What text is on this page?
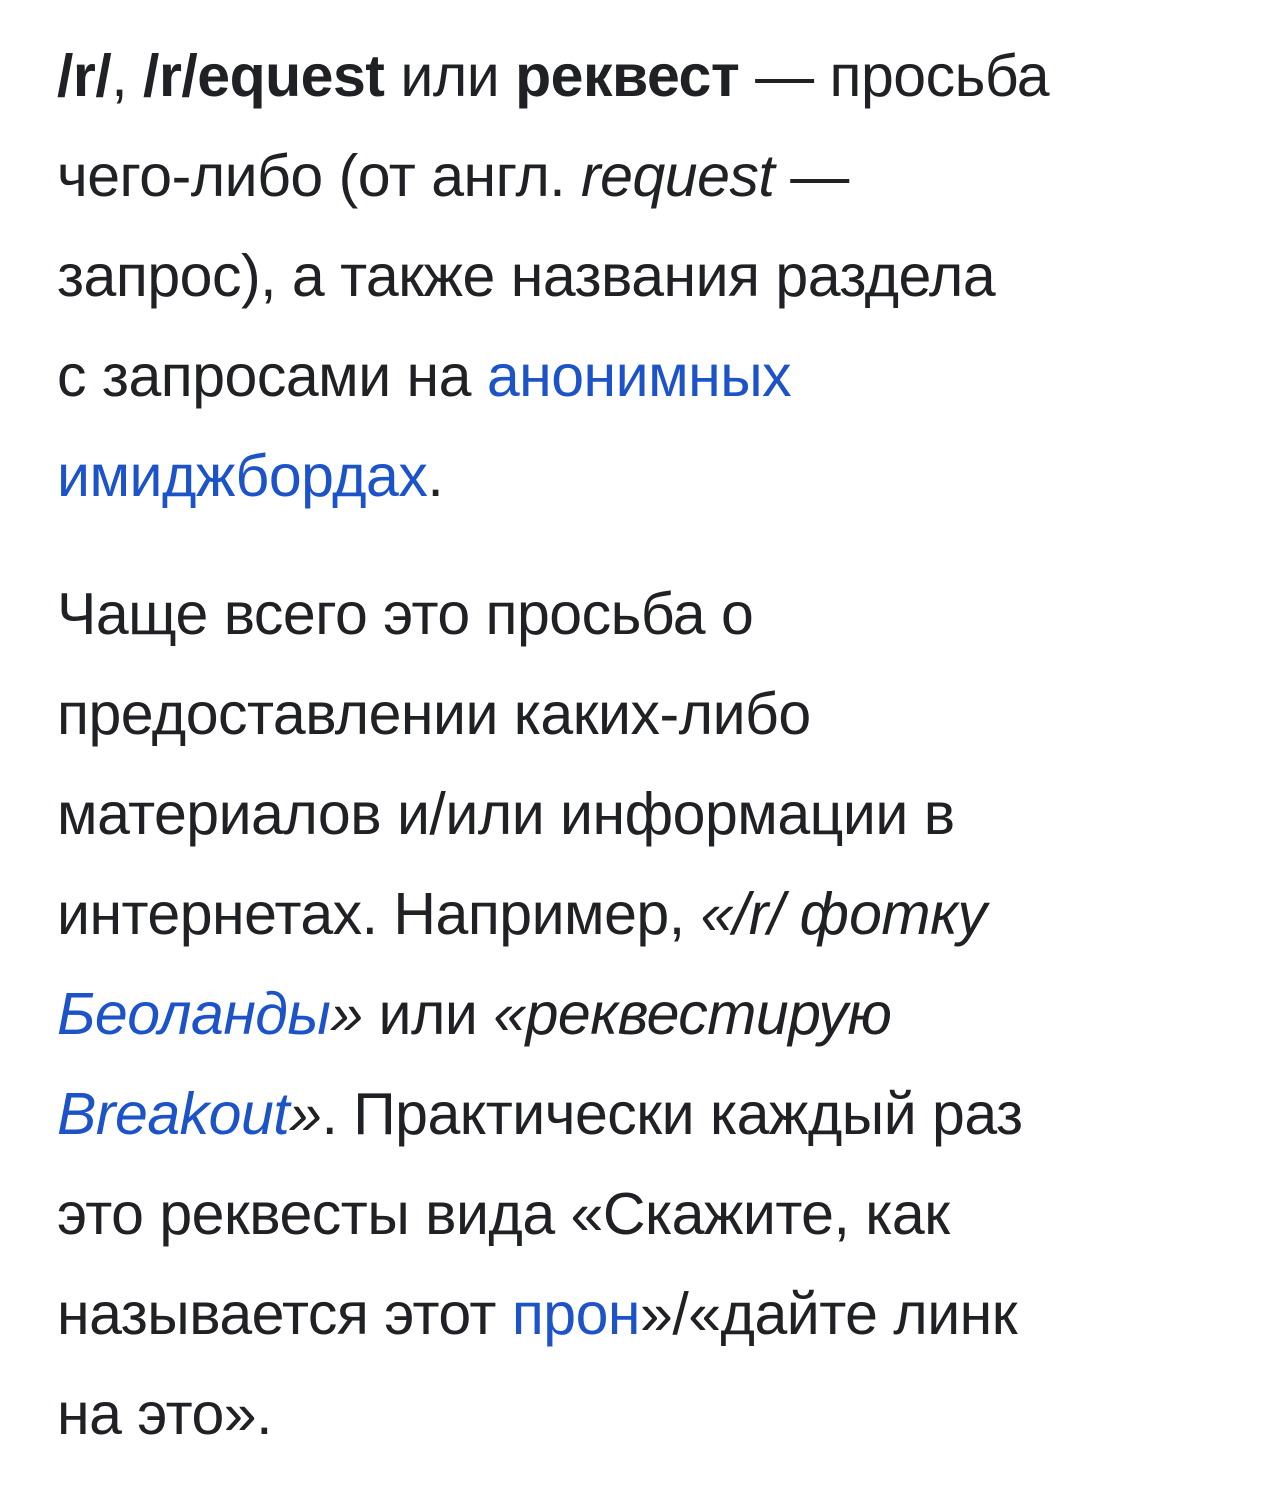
/r/, /r/equest или реквест — просьба
чего-либо (от англ. request —
запрос), а также названия раздела
с запросами на анонимных
имиджбордах.
Чаще всего это просьба о
предоставлении каких-либо
материалов и/или информации в
интернетах. Например, «/r/ фотку
Беоланды» или «реквестирую
Breakout». Практически каждый раз
это реквесты вида «Скажите, как
называется этот прон»/«дайте линк
на это».
